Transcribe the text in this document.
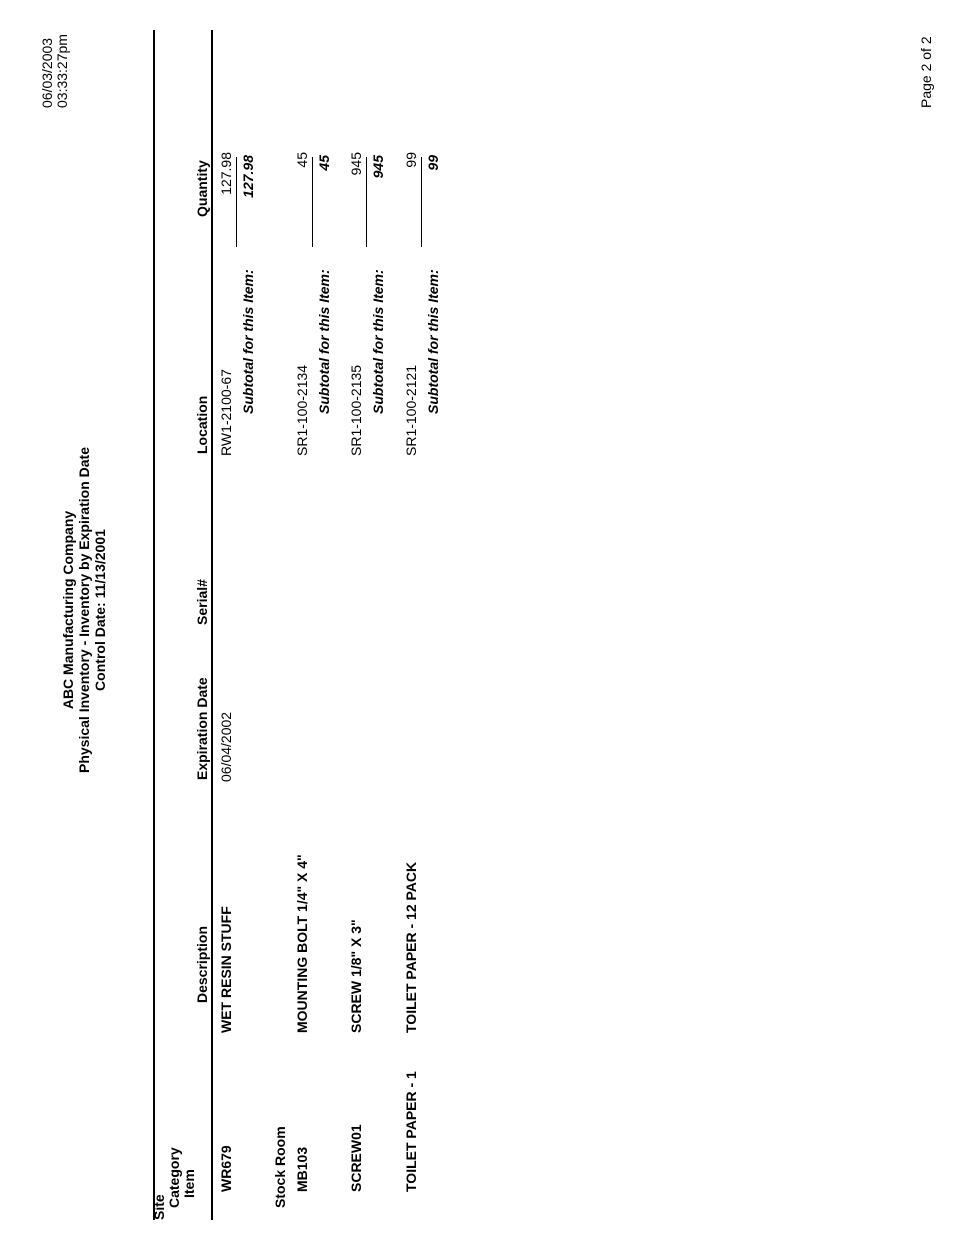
06/03/2003 03:33:27pm
ABC Manufacturing Company Physical Inventory - Inventory by Expiration Date Control Date: 11/13/2001
Page 2 of 2
Site Category Item
Description
Expiration Date
Serial#
Location
Quantity
WR679
WET RESIN STUFF
06/04/2002
RW1-2100-67
127.98
Subtotal for this Item:
127.98
Stock Room MB103
MOUNTING BOLT 1/4" X 4"
SR1-100-2134
45
Subtotal for this Item:
45
SCREW01
SCREW 1/8" X 3"
SR1-100-2135
945
Subtotal for this Item:
945
TOILET PAPER - 1
TOILET PAPER - 12 PACK
SR1-100-2121
99
Subtotal for this Item:
99
